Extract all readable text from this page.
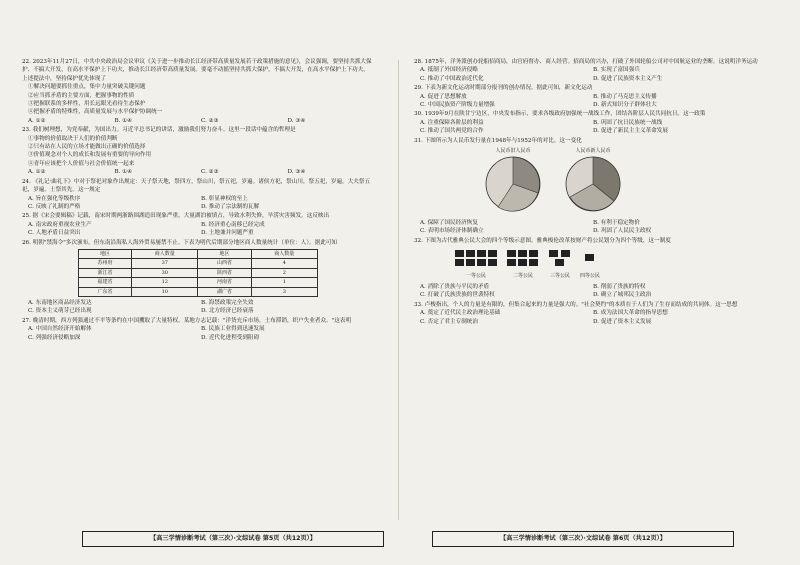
22. 2023年11月27日，中共中央政治局会议审议《关于进一步推动长江经济带高质量发展若干政策措施的意见》，会议强调，要坚持共抓大保护、不搞大开发，在高水平保护上下功夫，推动长江经济带高质量发展。要毫不动摇坚持共抓大保护，不搞大开发，在高水平保护上下功夫。上述提法中，坚持保护优先体现了
①解决问题要抓住重点，集中力量突破关键问题
②应当抓矛盾的主要方面，把握事物的性质
③把握联系的多样性，用长远眼光看待生态保护
④把握矛盾的特殊性，高质量发展与水平保护协调统一
A. ①②	B. ①④	C. ②③	D. ③④
23. 我们树理想，为党奉献，为国出力。习近平总书记的讲话，激励我们努力奋斗。这里一段话中蕴含的哲理是
①事物的价值取决于人们的价值判断
②只有站在人民的立场才能做出正确的价值选择
③价值观念对个人的成长和发展有重要的导向作用
④青年应该把个人价值与社会价值统一起来
A. ①②	B. ①④	C. ②③	D. ③④
24. 《礼记·曲礼下》中对于祭祀对象作出规定：天子祭天地，祭四方，祭山川，祭五祀，岁遍。诸侯方祀，祭山川，祭五祀，岁遍。大夫祭五祀，岁遍。士祭其先。这一规定
A. 旨在强化等级秩序	B. 彰显神权的至上
C. 反映了礼制的严格	D. 推动了宗法制的瓦解
25. 据《宋会要辑稿》记载，南宋时期两浙路围湖造田现象严重，大量湖泊被填占，导致水利失修，旱涝灾害频发。这反映出
A. 南宋政府重视农业生产	B. 经济重心南移已经完成
C. 人地矛盾日益突出	D. 土地兼并问题严重
26. 明朝"禁海令"多次颁布，但东南沿海私人海外贸易屡禁不止。下表为明代后期部分地区商人数量统计（单位：人）。据此可知
地区	商人数量	地区	商人数量
苏州府	37	山西省	4
浙江省	30	陕西省	2
福建省	12	河南省	1
广东省	10	湖广省	3
A. 东南地区商品经济发达	B. 海禁政策完全失效
C. 资本主义萌芽已经出现	D. 北方经济已经衰落
27. 晚清时期，西方列强通过不平等条约在中国攫取了大量特权。某地方志记载："洋货充斥市场，土布滞销，织户失业者众。"这表明
A. 中国自然经济开始解体	B. 民族工业得到迅速发展
C. 列强经济侵略加深	D. 近代化进程受到阻碍
28. 1875年，洋务派创办轮船招商局，由官府督办、商人经营。招商局的兴办，打破了外国轮船公司对中国航运业的垄断。这说明洋务运动
A. 抵制了外国经济侵略	B. 实现了富国强兵
C. 推动了中国政治近代化	D. 促进了民族资本主义产生
29. 下表为新文化运动时期部分报刊的创办情况。据此可知，新文化运动
A. 促进了思想解放	B. 推动了马克思主义传播
C. 中国民族资产阶级力量增强	D. 新式知识分子群体壮大
30. 1939年9月在陕甘宁边区，中央发布指示，要求各级政府加强统一战线工作，团结各阶层人民共同抗日。这一政策
A. 注重保障各阶层的利益	B. 巩固了抗日民族统一战线
C. 推动了国共两党的合作	D. 促进了新民主主义革命发展
31. 下图所示为人民币发行量在1948年与1952年的对比。这一变化
人民币旧人民币	人民币新人民币
A. 保障了国民经济恢复	B. 有利于稳定物价
C. 表明市场经济体制确立	D. 巩固了人民民主政权
32. 下图为古代雅典公民大会的四个等级示意图。雅典梭伦改革按财产将公民划分为四个等级，这一制度
一等公民	二等公民	三等公民	四等公民
A. 消除了贵族与平民的矛盾	B. 削弱了贵族的特权
C. 打破了氏族贵族的世袭特权	D. 确立了城邦民主政治
33. 卢梭指出，个人的力量是有限的，但集合起来的力量是强大的。"社会契约"的本质在于人们为了生存而结成的共同体。这一思想
A. 奠定了近代民主政治理论基础	B. 成为法国大革命的指导思想
C. 否定了君主专制统治	D. 促进了资本主义发展
【高三学情诊断考试（第三次）·文综试卷 第5页（共12页）】	【高三学情诊断考试（第三次）·文综试卷 第6页（共12页）】
